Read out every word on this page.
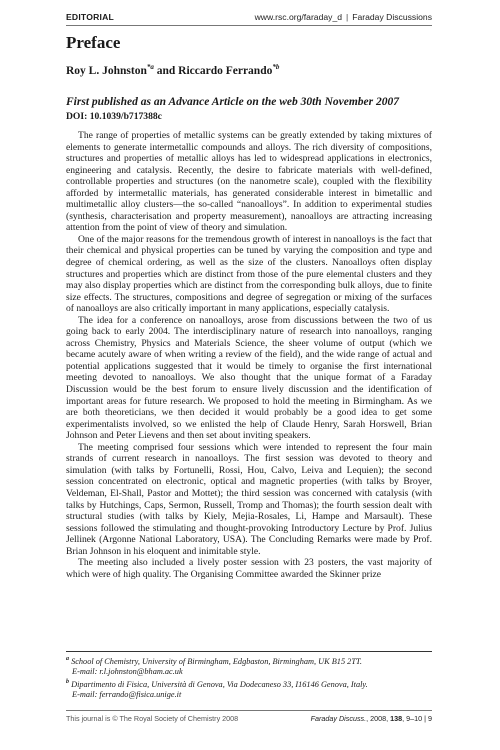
EDITORIAL	www.rsc.org/faraday_d | Faraday Discussions
Preface
Roy L. Johnston$^{*a}$ and Riccardo Ferrando$^{*b}$
First published as an Advance Article on the web 30th November 2007
DOI: 10.1039/b717388c

The range of properties of metallic systems can be greatly extended by taking mixtures of elements to generate intermetallic compounds and alloys. The rich diversity of compositions, structures and properties of metallic alloys has led to widespread applications in electronics, engineering and catalysis. Recently, the desire to fabricate materials with well-defined, controllable properties and structures (on the nanometre scale), coupled with the flexibility afforded by intermetallic materials, has generated considerable interest in bimetallic and multimetallic alloy clusters—the so-called “nanoalloys”. In addition to experimental studies (synthesis, characterisation and property measurement), nanoalloys are attracting increasing attention from the point of view of theory and simulation.

One of the major reasons for the tremendous growth of interest in nanoalloys is the fact that their chemical and physical properties can be tuned by varying the composition and type and degree of chemical ordering, as well as the size of the clusters. Nanoalloys often display structures and properties which are distinct from those of the pure elemental clusters and they may also display properties which are distinct from the corresponding bulk alloys, due to finite size effects. The structures, compositions and degree of segregation or mixing of the surfaces of nanoalloys are also critically important in many applications, especially catalysis.

The idea for a conference on nanoalloys, arose from discussions between the two of us going back to early 2004. The interdisciplinary nature of research into nanoalloys, ranging across Chemistry, Physics and Materials Science, the sheer volume of output (which we became acutely aware of when writing a review of the field), and the wide range of actual and potential applications suggested that it would be timely to organise the first international meeting devoted to nanoalloys. We also thought that the unique format of a Faraday Discussion would be the best forum to ensure lively discussion and the identification of important areas for future research. We proposed to hold the meeting in Birmingham. As we are both theoreticians, we then decided it would probably be a good idea to get some experimentalists involved, so we enlisted the help of Claude Henry, Sarah Horswell, Brian Johnson and Peter Lievens and then set about inviting speakers.

The meeting comprised four sessions which were intended to represent the four main strands of current research in nanoalloys. The first session was devoted to theory and simulation (with talks by Fortunelli, Rossi, Hou, Calvo, Leiva and Lequien); the second session concentrated on electronic, optical and magnetic properties (with talks by Broyer, Veldeman, El-Shall, Pastor and Mottet); the third session was concerned with catalysis (with talks by Hutchings, Caps, Sermon, Russell, Tromp and Thomas); the fourth session dealt with structural studies (with talks by Kiely, Mejia-Rosales, Li, Hampe and Marsault). These sessions followed the stimulating and thought-provoking Introductory Lecture by Prof. Julius Jellinek (Argonne National Laboratory, USA). The Concluding Remarks were made by Prof. Brian Johnson in his eloquent and inimitable style.

The meeting also included a lively poster session with 23 posters, the vast majority of which were of high quality. The Organising Committee awarded the Skinner prize

$^a$ School of Chemistry, University of Birmingham, Edgbaston, Birmingham, UK B15 2TT.

E-mail: r.l.johnston@bham.ac.uk

$^b$ Dipartimento di Fisica, Università di Genova, Via Dodecaneso 33, I16146 Genova, Italy.

E-mail: ferrando@fisica.unige.it

This journal is © The Royal Society of Chemistry 2008	Faraday Discuss., 2008, 138, 9–10 | 9
